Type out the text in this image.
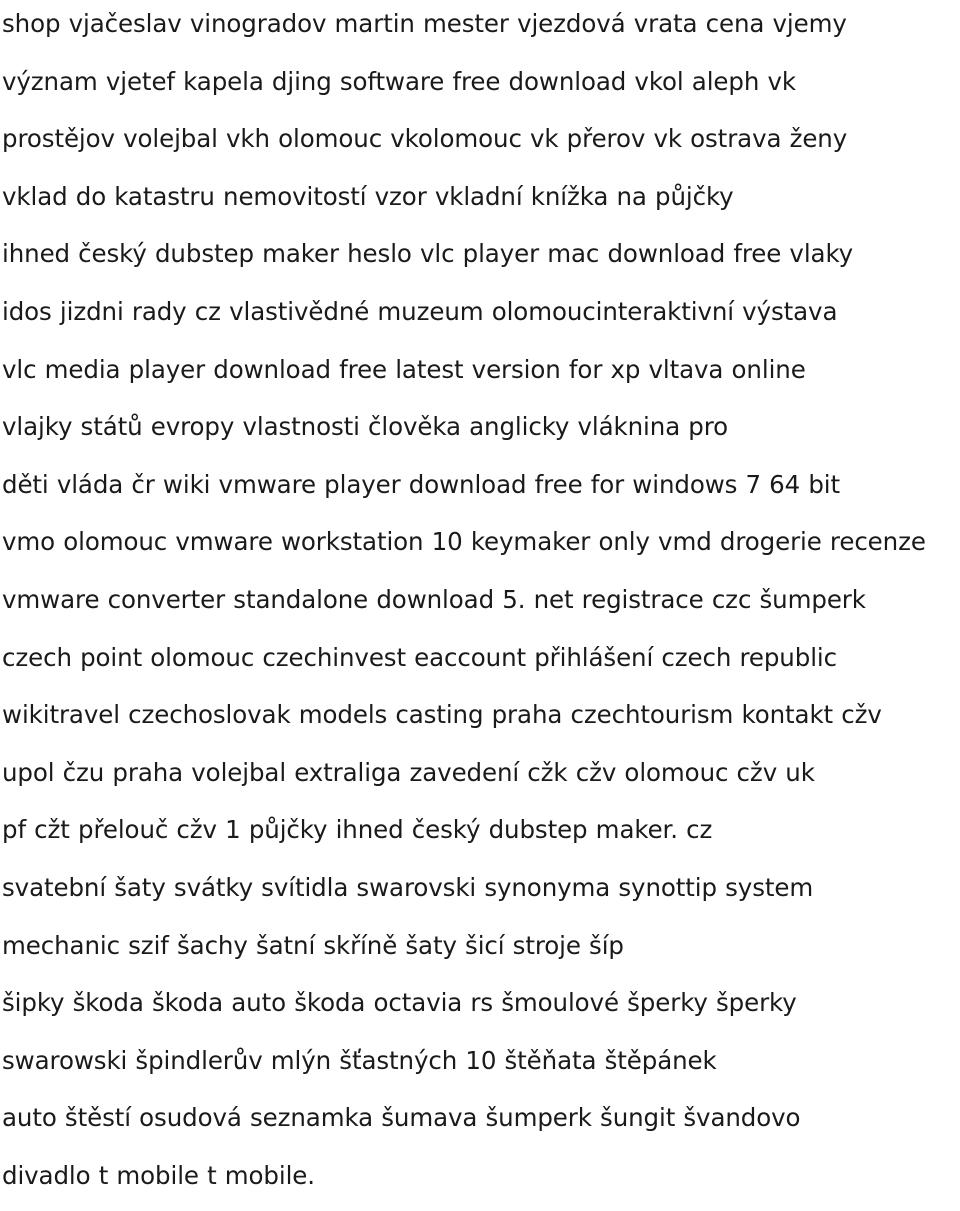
shop vjačeslav vinogradov martin mester vjezdová vrata cena vjemy
význam vjetef kapela djing software free download vkol aleph vk
prostějov volejbal vkh olomouc vkolomouc vk přerov vk ostrava ženy
vklad do katastru nemovitostí vzor vkladní knížka na půjčky
ihned český dubstep maker heslo vlc player mac download free vlaky
idos jizdni rady cz vlastivědné muzeum olomoucinteraktivní výstava
vlc media player download free latest version for xp vltava online
vlajky států evropy vlastnosti člověka anglicky vláknina pro
děti vláda čr wiki vmware player download free for windows 7 64 bit
vmo olomouc vmware workstation 10 keymaker only vmd drogerie recenze
vmware converter standalone download 5. net registrace czc šumperk
czech point olomouc czechinvest eaccount přihlášení czech republic
wikitravel czechoslovak models casting praha czechtourism kontakt cžv
upol čzu praha volejbal extraliga zavedení cžk cžv olomouc cžv uk
pf cžt přelouč cžv 1 půjčky ihned český dubstep maker. cz
svatební šaty svátky svítidla swarovski synonyma synottip system
mechanic szif šachy šatní skříně šaty šicí stroje šíp
šipky škoda škoda auto škoda octavia rs šmoulové šperky šperky
swarowski špindlerův mlýn šťastných 10 štěňata štěpánek
auto štěstí osudová seznamka šumava šumperk šungit švandovo
divadlo t mobile t mobile.
